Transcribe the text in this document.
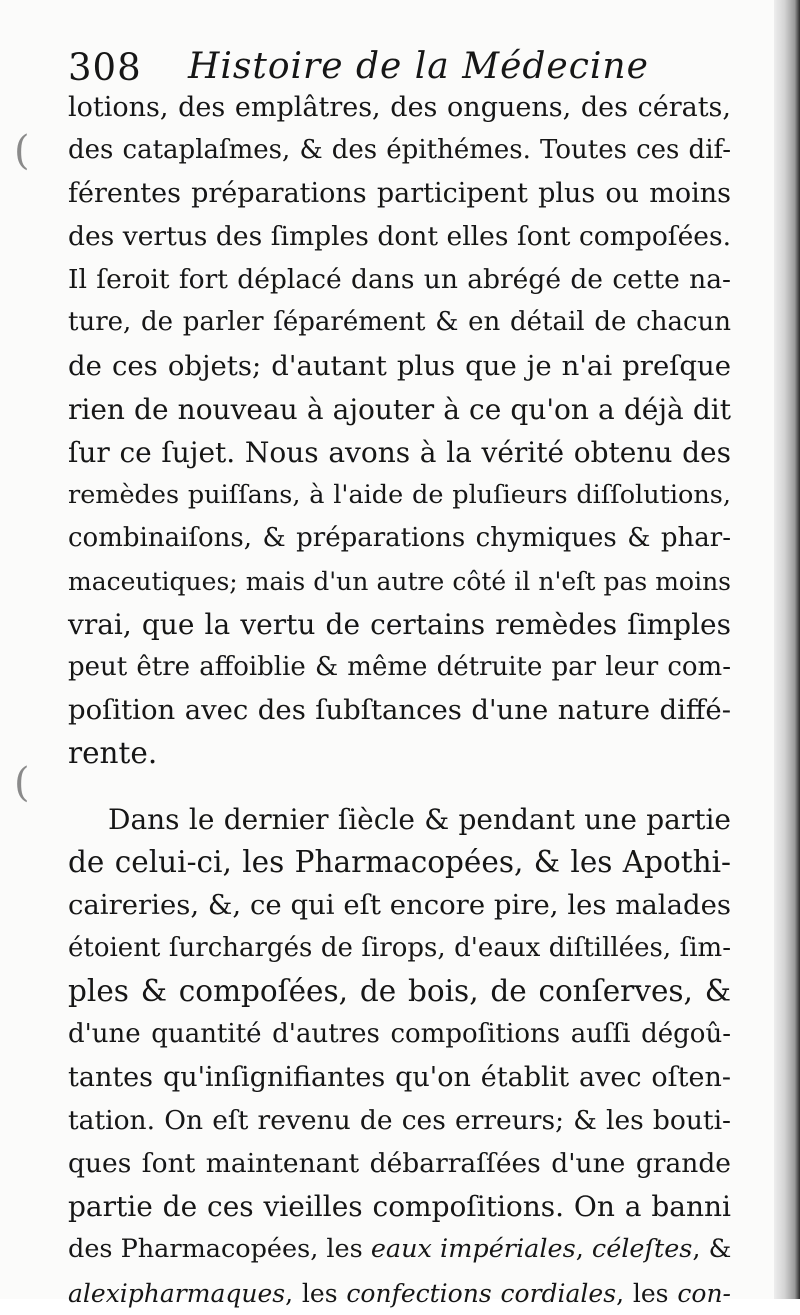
308 Histoire de la Médecine
lotions, des emplâtres, des onguens, des cérats,
des cataplaſmes, & des épithémes. Toutes ces dif-
férentes préparations participent plus ou moins
des vertus des ſimples dont elles ſont compoſées.
Il ſeroit fort déplacé dans un abrégé de cette na-
ture, de parler ſéparément & en détail de chacun
de ces objets; d'autant plus que je n'ai preſque
rien de nouveau à ajouter à ce qu'on a déjà dit
ſur ce ſujet. Nous avons à la vérité obtenu des
remèdes puiſſans, à l'aide de pluſieurs diſſolutions,
combinaiſons, & préparations chymiques & phar-
maceutiques; mais d'un autre côté il n'eſt pas moins
vrai, que la vertu de certains remèdes ſimples
peut être affoiblie & même détruite par leur com-
poſition avec des ſubſtances d'une nature diffé-
rente.
Dans le dernier ſiècle & pendant une partie
de celui-ci, les Pharmacopées, & les Apothi-
caireries, &, ce qui eſt encore pire, les malades
étoient ſurchargés de ſirops, d'eaux diſtillées, ſim-
ples & compoſées, de bois, de conſerves, &
d'une quantité d'autres compoſitions auſſi dégoû-
tantes qu'inſignifiantes qu'on établit avec oſten-
tation. On eſt revenu de ces erreurs; & les bouti-
ques ſont maintenant débarraſſées d'une grande
partie de ces vieilles compoſitions. On a banni
des Pharmacopées, les eaux impériales, céleſtes, &
alexipharmaques, les confections cordiales, les con-
(
(
